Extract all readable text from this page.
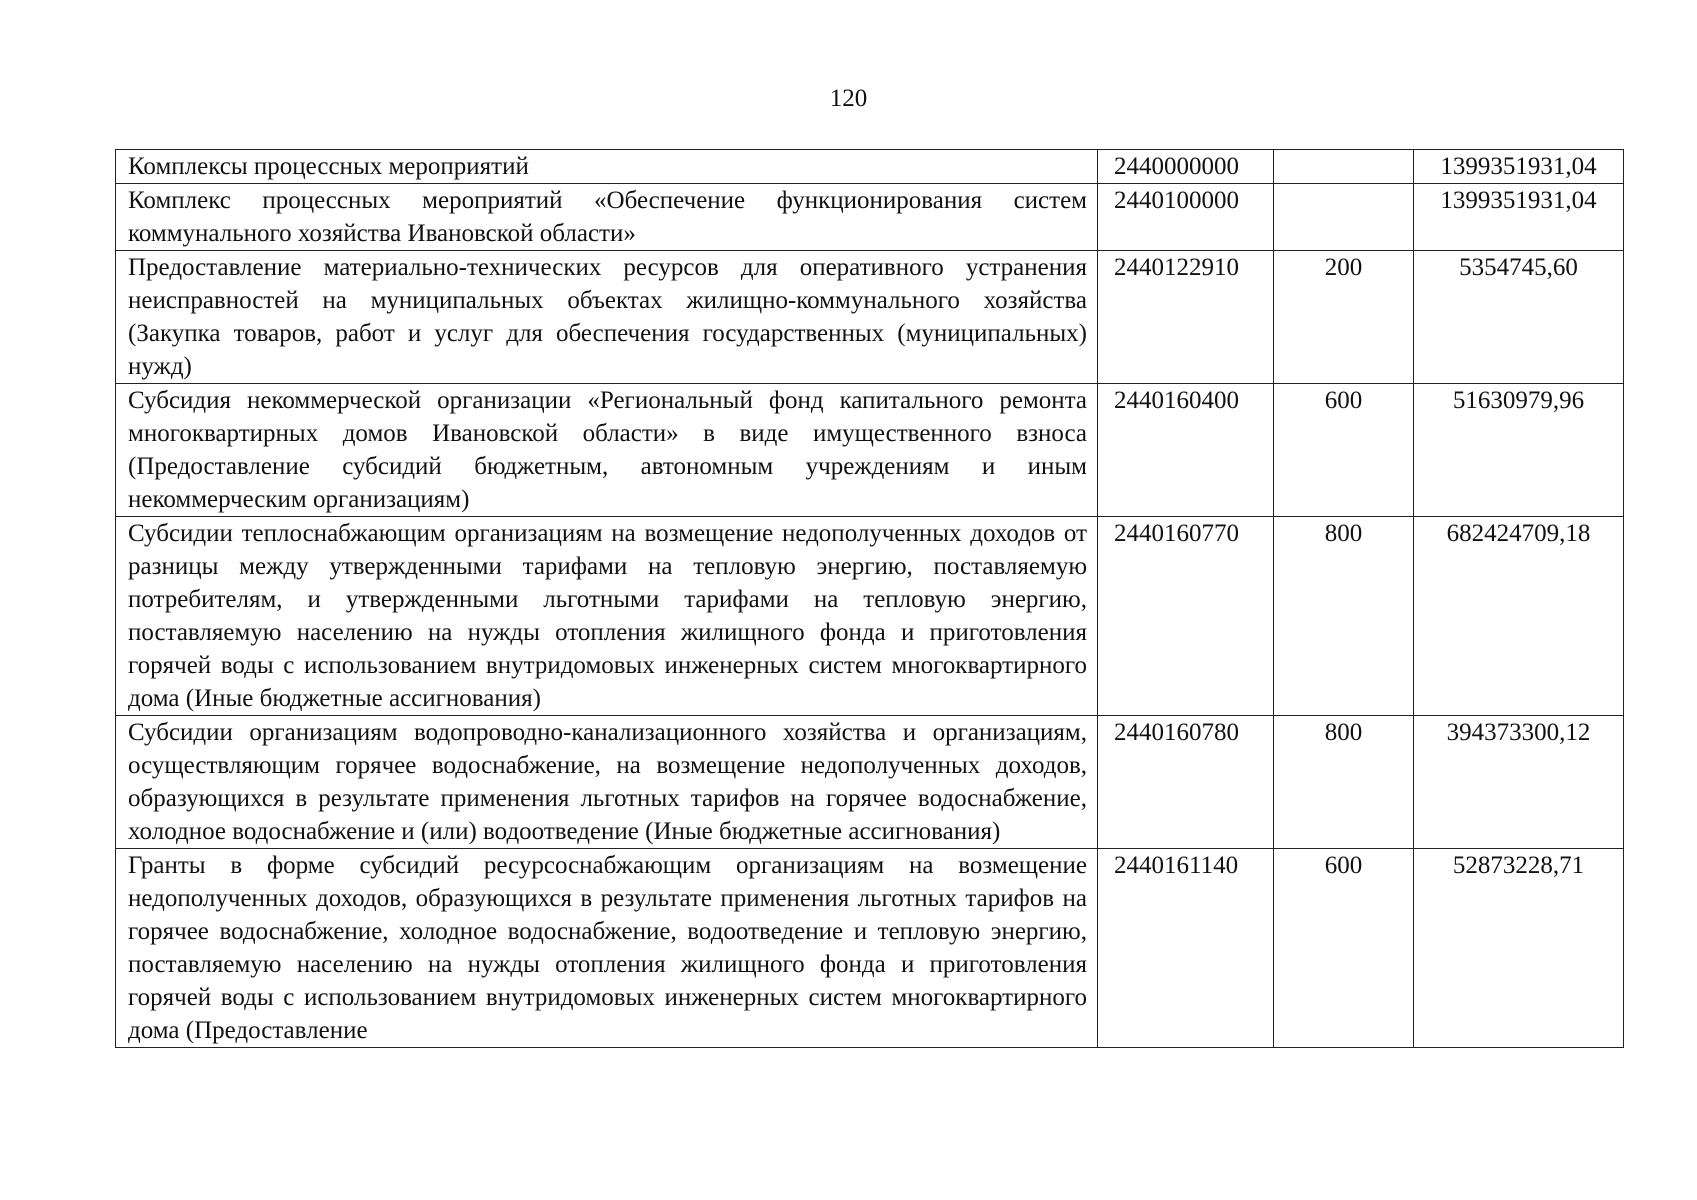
120
Комплексы процессных мероприятий	2440000000		1399351931,04
Комплекс процессных мероприятий «Обеспечение функционирования систем коммунального хозяйства Ивановской области»	2440100000		1399351931,04
Предоставление материально-технических ресурсов для оперативного устранения неисправностей на муниципальных объектах жилищно-коммунального хозяйства (Закупка товаров, работ и услуг для обеспечения государственных (муниципальных) нужд)	2440122910	200	5354745,60
Субсидия некоммерческой организации «Региональный фонд капитального ремонта многоквартирных домов Ивановской области» в виде имущественного взноса (Предоставление субсидий бюджетным, автономным учреждениям и иным некоммерческим организациям)	2440160400	600	51630979,96
Субсидии теплоснабжающим организациям на возмещение недополученных доходов от разницы между утвержденными тарифами на тепловую энергию, поставляемую потребителям, и утвержденными льготными тарифами на тепловую энергию, поставляемую населению на нужды отопления жилищного фонда и приготовления горячей воды с использованием внутридомовых инженерных систем многоквартирного дома (Иные бюджетные ассигнования)	2440160770	800	682424709,18
Субсидии организациям водопроводно-канализационного хозяйства и организациям, осуществляющим горячее водоснабжение, на возмещение недополученных доходов, образующихся в результате применения льготных тарифов на горячее водоснабжение, холодное водоснабжение и (или) водоотведение (Иные бюджетные ассигнования)	2440160780	800	394373300,12
Гранты в форме субсидий ресурсоснабжающим организациям на возмещение недополученных доходов, образующихся в результате применения льготных тарифов на горячее водоснабжение, холодное водоснабжение, водоотведение и тепловую энергию, поставляемую населению на нужды отопления жилищного фонда и приготовления горячей воды с использованием внутридомовых инженерных систем многоквартирного дома (Предоставление	2440161140	600	52873228,71
